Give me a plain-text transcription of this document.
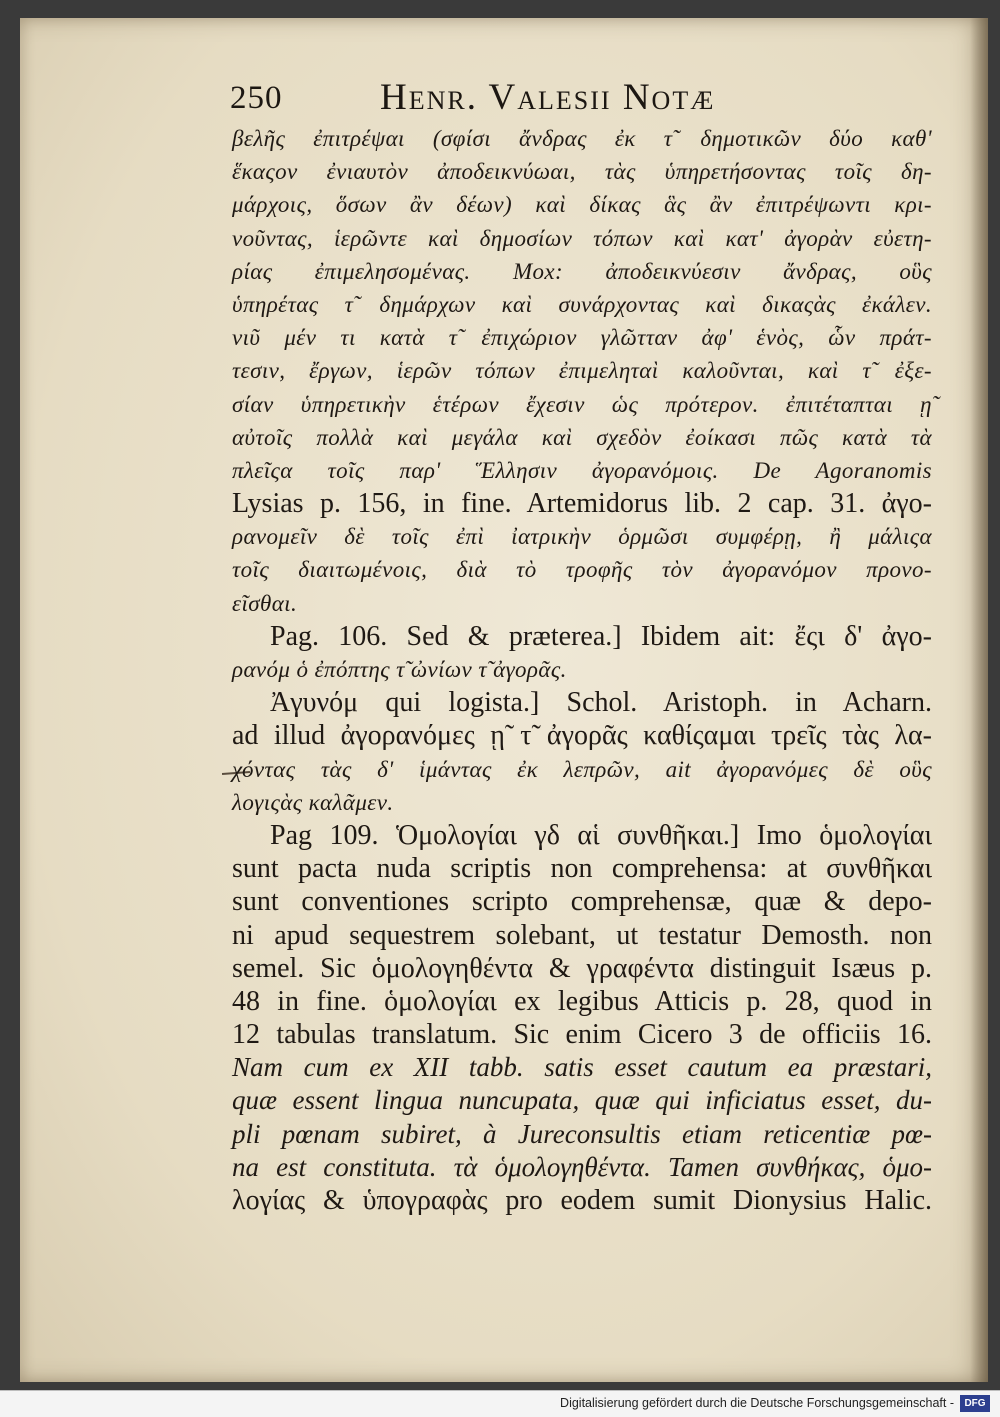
250	Henr. Valesii Notæ
βελῆς ἐπιτρέψαι (σφίσι ἄνδρας ἐκ τ̃ δημοτικῶν δύο καθ'
ἕκαςον ἐνιαυτὸν ἀποδεικνύωαι, τὰς ὑπηρετήσοντας τοῖς δη-
μάρχοις, ὅσων ἂν δέων) καὶ δίκας ἃς ἂν ἐπιτρέψωντι κρι-
νοῦντας, ἱερῶντε καὶ δημοσίων τόπων καὶ κατ' ἀγορὰν εὐετη-
ρίας ἐπιμελησομένας. Mox: ἀποδεικνύεσιν ἄνδρας, οὓς
ὑπηρέτας τ̃ δημάρχων καὶ συνάρχοντας καὶ δικαςὰς ἐκάλεν.
νιῦ μέν τι κατὰ τ̃ ἐπιχώριον γλῶτταν ἀφ' ἑνὸς, ὧν πράτ-
τεσιν, ἔργων, ἱερῶν τόπων ἐπιμεληταὶ καλοῦνται, καὶ τ̃ ἐξε-
σίαν ὑπηρετικὴν ἑτέρων ἔχεσιν ὡς πρότερον. ἐπιτέταπται ῃ̃
αὐτοῖς πολλὰ καὶ μεγάλα καὶ σχεδὸν ἐοίκασι πῶς κατὰ τὰ
πλεῖςα τοῖς παρ' Ἕλλησιν ἀγορανόμοις. De Agoranomis
Lysias p. 156, in fine. Artemidorus lib. 2 cap. 31. ἀγο-
ρανομεῖν δὲ τοῖς ἐπὶ ἰατρικὴν ὁρμῶσι συμφέρῃ, ἢ μάλιςα
τοῖς διαιτωμένοις, διὰ τὸ τροφῆς τὸν ἀγορανόμον προνο-
εῖσθαι.
Pag. 106. Sed & præterea.] Ibidem ait: ἔςι δ' ἀγο-
ρανόμ ὁ ἐπόπτης τ̃ ὠνίων τ̃ ἀγορᾶς.
Ἀγυνόμ qui logista.] Schol. Aristoph. in Acharn.
ad illud ἀγορανόμες ῃ̃ τ̃ ἀγορᾶς καθίςαμαι τρεῖς τὰς λα-
χόντας τὰς δ' ἱμάντας ἐκ λεπρῶν, ait ἀγορανόμες δὲ οὓς
λογιςὰς καλᾶμεν.
Pag 109. Ὁμολογίαι γδ αἱ συνθῆκαι.] Imo ὁμολογίαι
sunt pacta nuda scriptis non comprehensa: at συνθῆκαι
sunt conventiones scripto comprehensæ, quæ & depo-
ni apud sequestrem solebant, ut testatur Demosth. non
semel. Sic ὁμολογηθέντα & γραφέντα distinguit Isæus p.
48 in fine. ὁμολογίαι ex legibus Atticis p. 28, quod in
12 tabulas translatum. Sic enim Cicero 3 de officiis 16.
Nam cum ex XII tabb. satis esset cautum ea præstari,
quæ essent lingua nuncupata, quæ qui inficiatus esset, du-
pli pœnam subiret, à Jureconsultis etiam reticentiæ pœ-
na est constituta. τὰ ὁμολογηθέντα. Tamen συνθήκας, ὁμο-
λογίας & ὑπογραφὰς pro eodem sumit Dionysius Halic.
Digitalisierung gefördert durch die Deutsche Forschungsgemeinschaft -	DFG
